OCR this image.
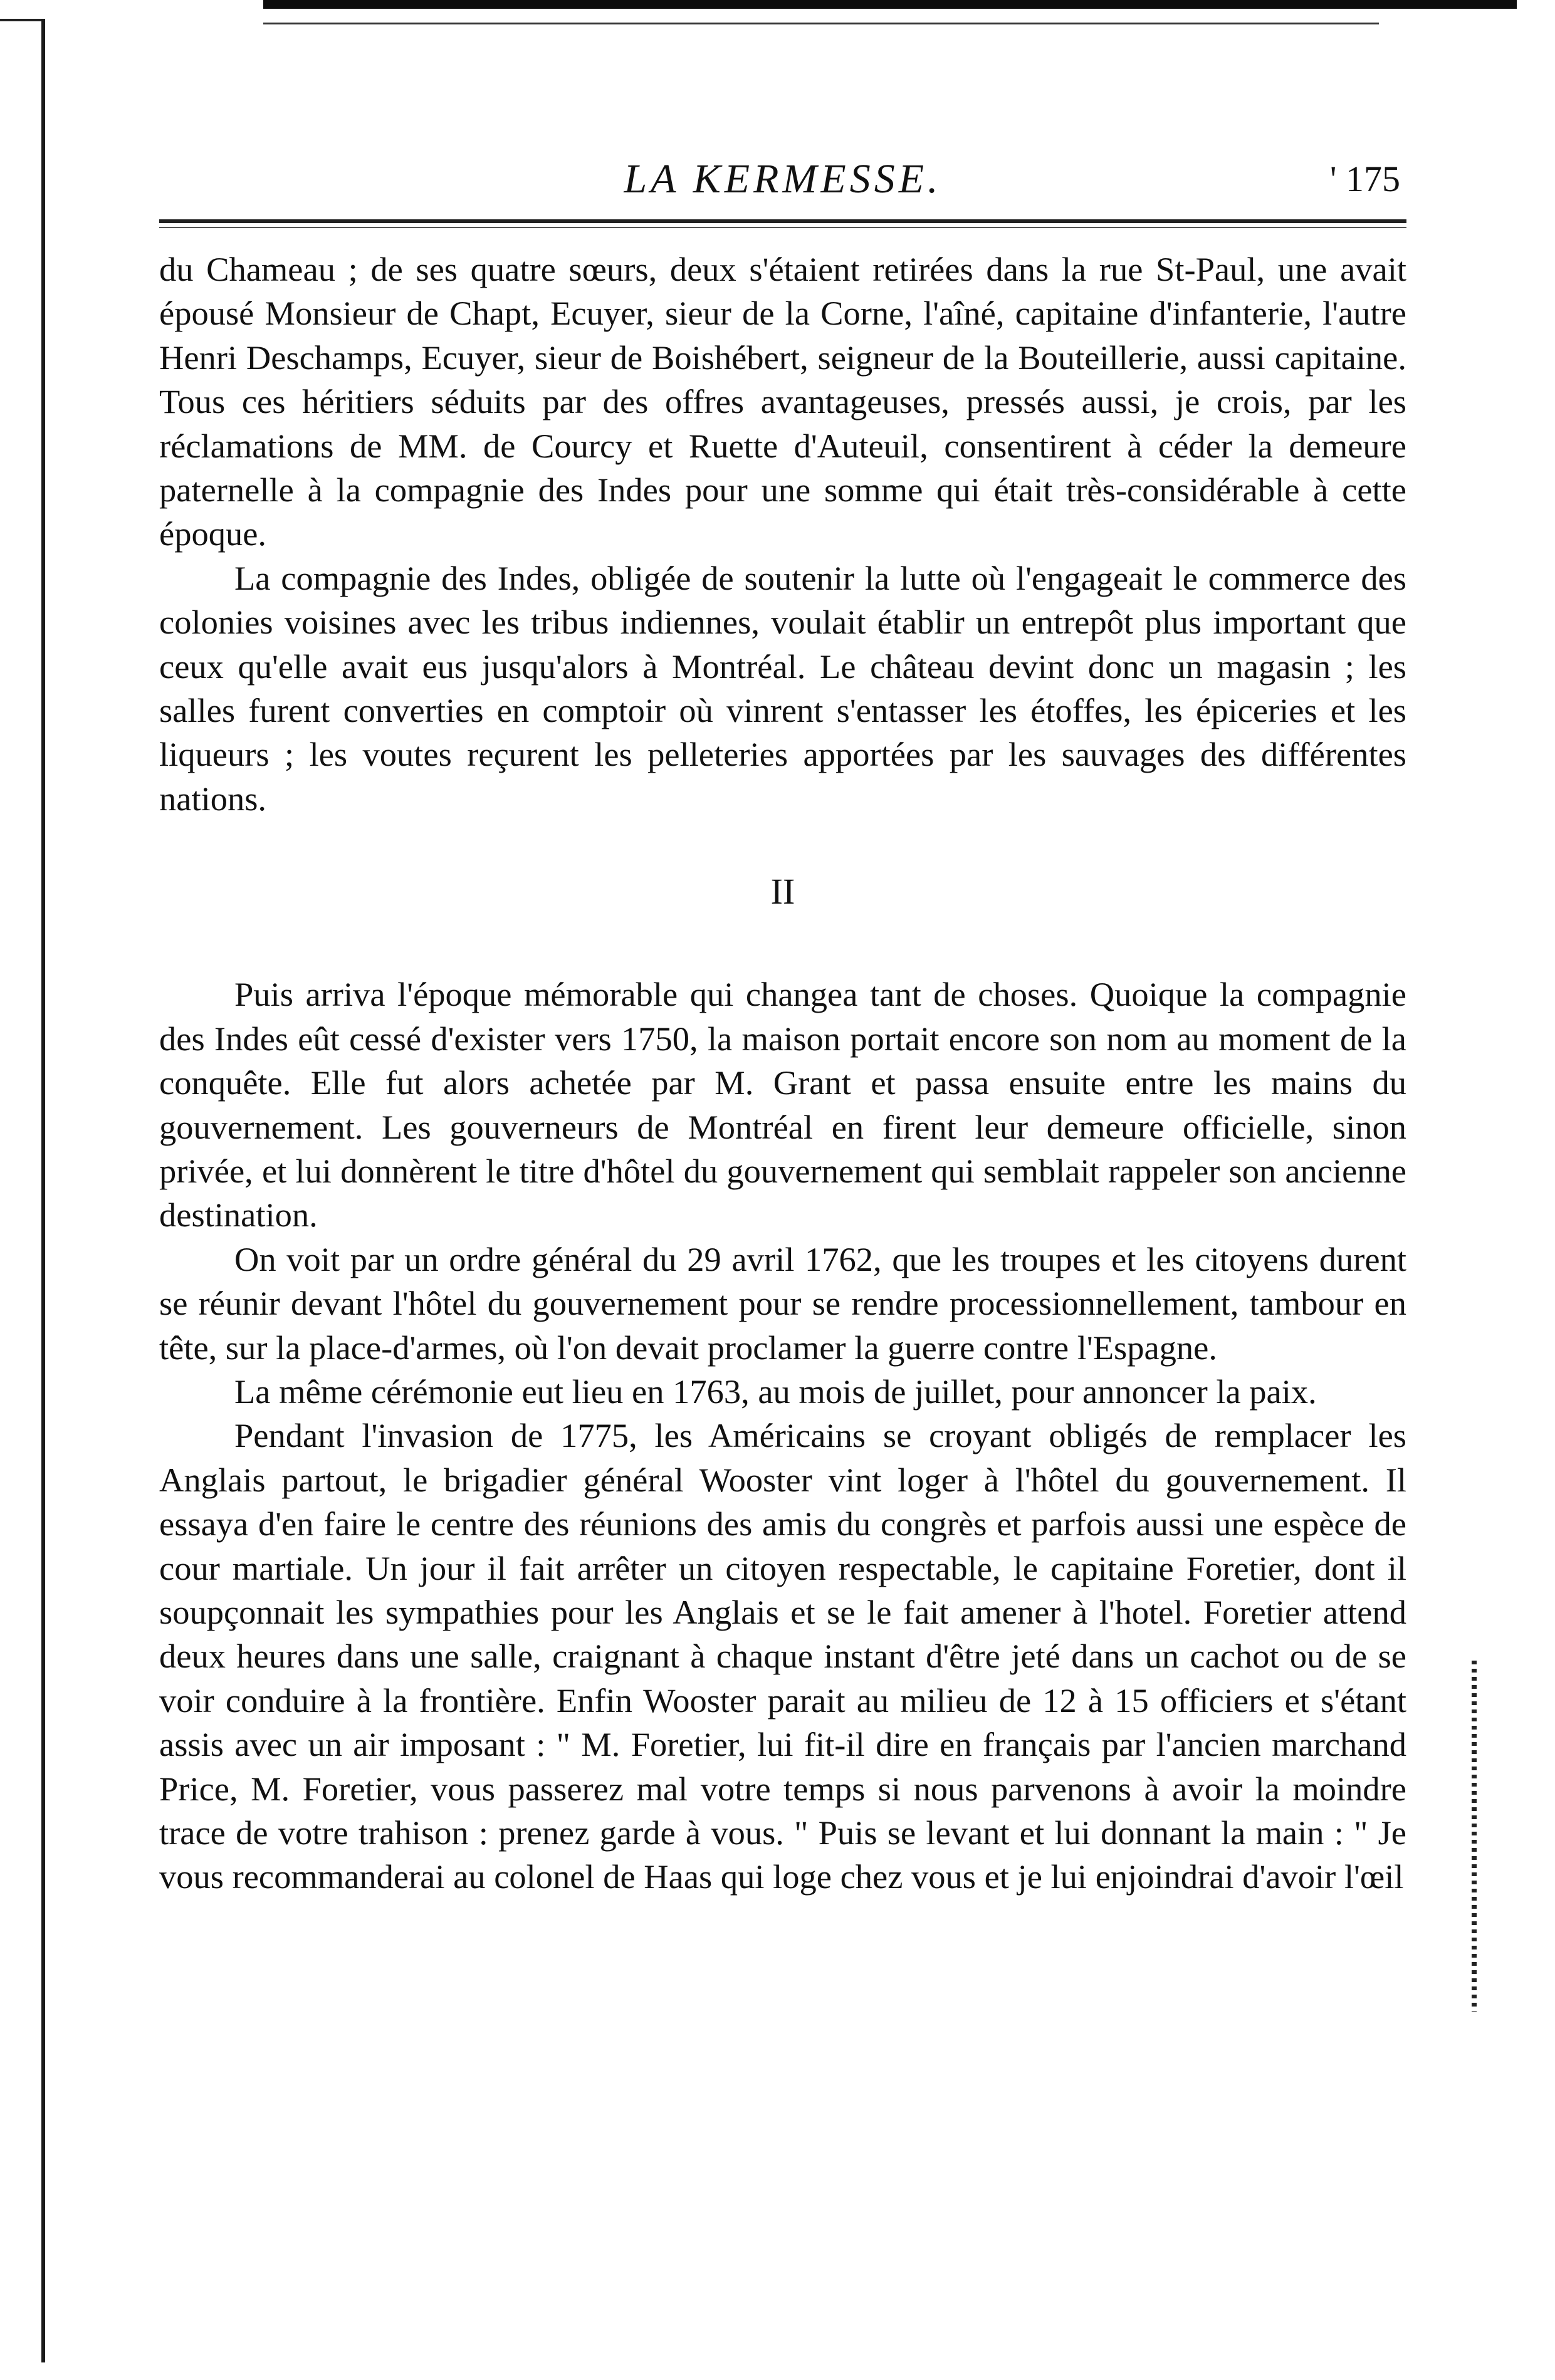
LA KERMESSE.	' 175

du Chameau ; de ses quatre sœurs, deux s'étaient retirées dans la rue St-Paul, une avait épousé Monsieur de Chapt, Ecuyer, sieur de la Corne, l'aîné, capitaine d'infanterie, l'autre Henri Deschamps, Ecuyer, sieur de Boishébert, seigneur de la Bouteillerie, aussi capitaine. Tous ces héritiers séduits par des offres avantageuses, pressés aussi, je crois, par les réclamations de MM. de Courcy et Ruette d'Auteuil, consentirent à céder la demeure paternelle à la compagnie des Indes pour une somme qui était très-considérable à cette époque.

La compagnie des Indes, obligée de soutenir la lutte où l'engageait le commerce des colonies voisines avec les tribus indiennes, voulait établir un entrepôt plus important que ceux qu'elle avait eus jusqu'alors à Montréal. Le château devint donc un magasin ; les salles furent converties en comptoir où vinrent s'entasser les étoffes, les épiceries et les liqueurs ; les voutes reçurent les pelleteries apportées par les sauvages des différentes nations.

II

Puis arriva l'époque mémorable qui changea tant de choses. Quoique la compagnie des Indes eût cessé d'exister vers 1750, la maison portait encore son nom au moment de la conquête. Elle fut alors achetée par M. Grant et passa ensuite entre les mains du gouvernement. Les gouverneurs de Montréal en firent leur demeure officielle, sinon privée, et lui donnèrent le titre d'hôtel du gouvernement qui semblait rappeler son ancienne destination.

On voit par un ordre général du 29 avril 1762, que les troupes et les citoyens durent se réunir devant l'hôtel du gouvernement pour se rendre processionnellement, tambour en tête, sur la place-d'armes, où l'on devait proclamer la guerre contre l'Espagne.

La même cérémonie eut lieu en 1763, au mois de juillet, pour annoncer la paix.

Pendant l'invasion de 1775, les Américains se croyant obligés de remplacer les Anglais partout, le brigadier général Wooster vint loger à l'hôtel du gouvernement. Il essaya d'en faire le centre des réunions des amis du congrès et parfois aussi une espèce de cour martiale. Un jour il fait arrêter un citoyen respectable, le capitaine Foretier, dont il soupçonnait les sympathies pour les Anglais et se le fait amener à l'hotel. Foretier attend deux heures dans une salle, craignant à chaque instant d'être jeté dans un cachot ou de se voir conduire à la frontière. Enfin Wooster parait au milieu de 12 à 15 officiers et s'étant assis avec un air imposant : " M. Foretier, lui fit-il dire en français par l'ancien marchand Price, M. Foretier, vous passerez mal votre temps si nous parvenons à avoir la moindre trace de votre trahison : prenez garde à vous. " Puis se levant et lui donnant la main : " Je vous recommanderai au colonel de Haas qui loge chez vous et je lui enjoindrai d'avoir l'œil
